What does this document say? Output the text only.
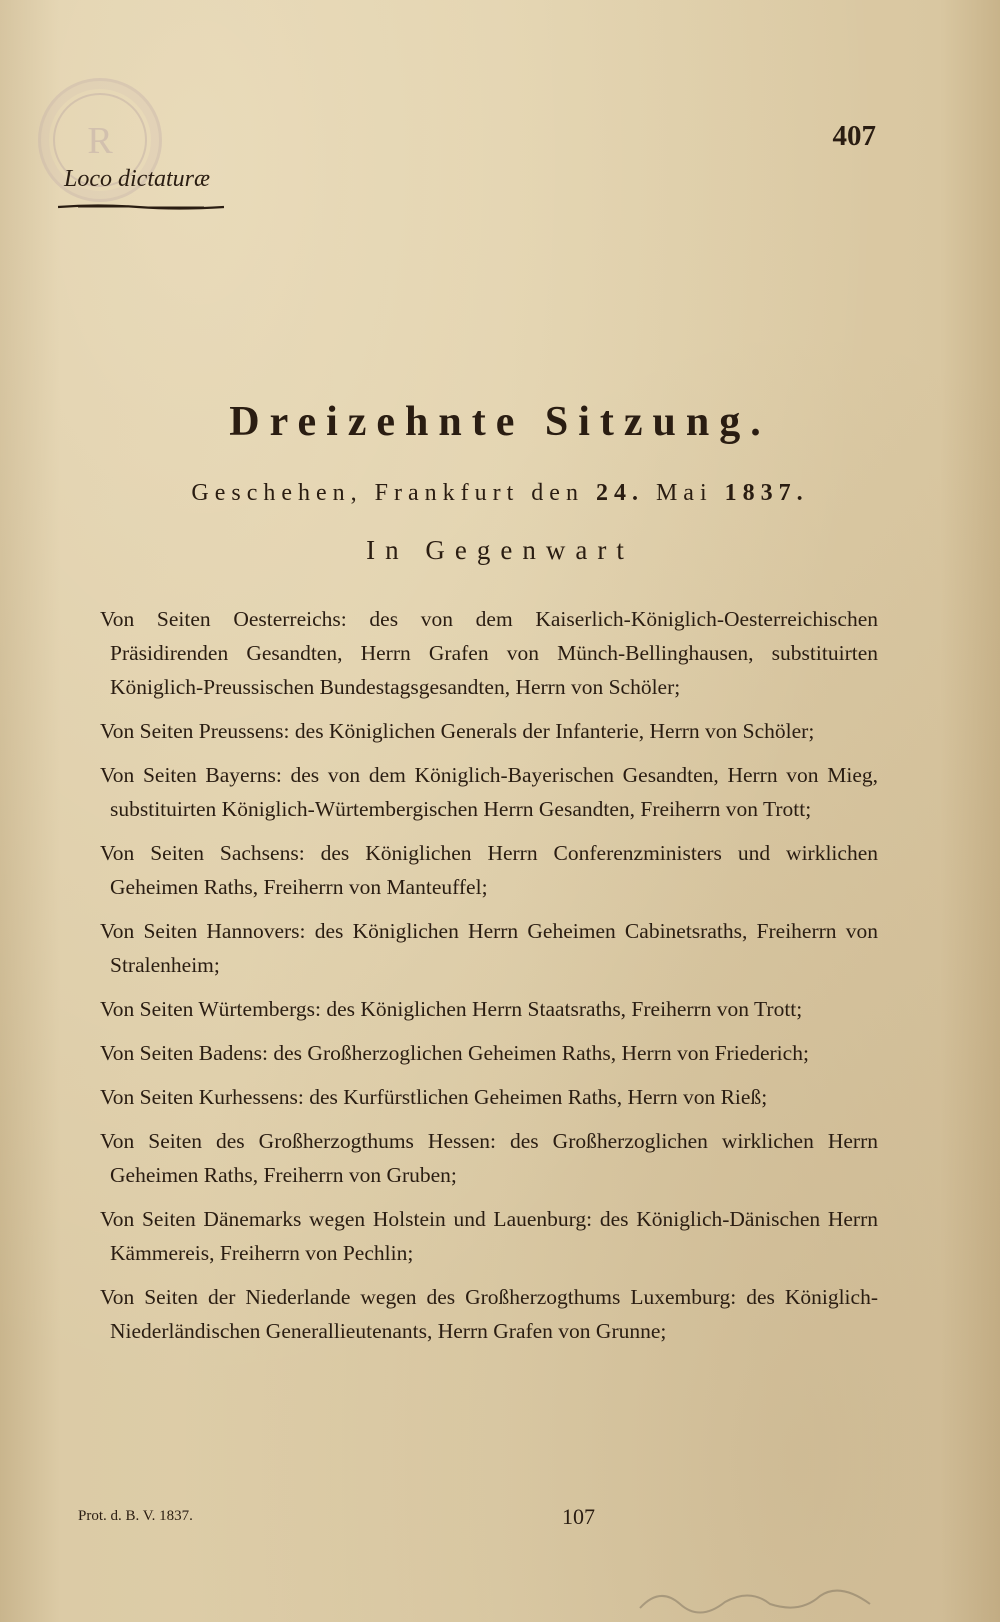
R	407
Loco dictaturæ
Dreizehnte Sitzung.
Geschehen, Frankfurt den 24. Mai 1837.
In Gegenwart

Von Seiten Oesterreichs: des von dem Kaiserlich-Königlich-Oesterreichischen Präsidirenden Gesandten, Herrn Grafen von Münch-Bellinghausen, substituirten Königlich-Preussischen Bundestagsgesandten, Herrn von Schöler;

Von Seiten Preussens: des Königlichen Generals der Infanterie, Herrn von Schöler;

Von Seiten Bayerns: des von dem Königlich-Bayerischen Gesandten, Herrn von Mieg, substituirten Königlich-Würtembergischen Herrn Gesandten, Freiherrn von Trott;

Von Seiten Sachsens: des Königlichen Herrn Conferenzministers und wirklichen Geheimen Raths, Freiherrn von Manteuffel;

Von Seiten Hannovers: des Königlichen Herrn Geheimen Cabinetsraths, Freiherrn von Stralenheim;

Von Seiten Würtembergs: des Königlichen Herrn Staatsraths, Freiherrn von Trott;

Von Seiten Badens: des Großherzoglichen Geheimen Raths, Herrn von Friederich;

Von Seiten Kurhessens: des Kurfürstlichen Geheimen Raths, Herrn von Rieß;

Von Seiten des Großherzogthums Hessen: des Großherzoglichen wirklichen Herrn Geheimen Raths, Freiherrn von Gruben;

Von Seiten Dänemarks wegen Holstein und Lauenburg: des Königlich-Dänischen Herrn Kämmereis, Freiherrn von Pechlin;

Von Seiten der Niederlande wegen des Großherzogthums Luxemburg: des Königlich-Niederländischen Generallieutenants, Herrn Grafen von Grunne;

Prot. d. B. V. 1837.	107
